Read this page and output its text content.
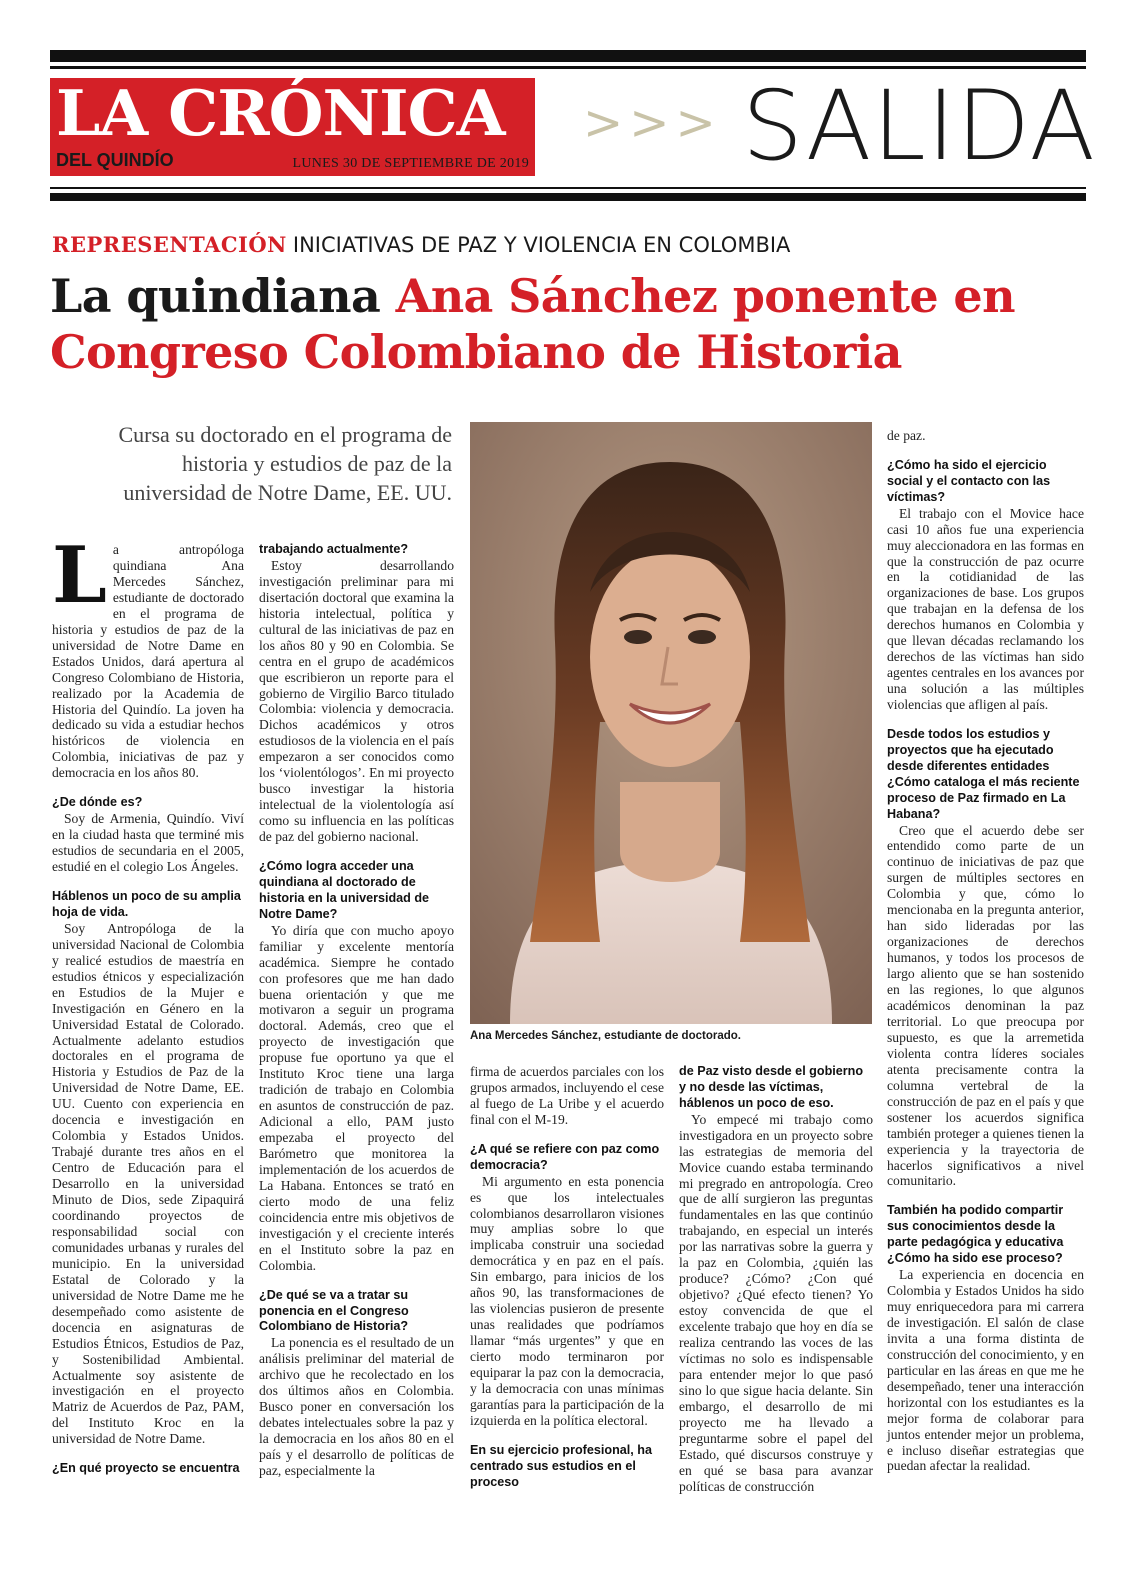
LA CRÓNICA
DEL QUINDÍO	LUNES 30 DE SEPTIEMBRE DE 2019
>>> SALIDA
REPRESENTACIÓN INICIATIVAS DE PAZ Y VIOLENCIA EN COLOMBIA
La quindiana Ana Sánchez ponente en Congreso Colombiano de Historia
Cursa su doctorado en el programa de historia y estudios de paz de la universidad de Notre Dame, EE. UU.
Ana Mercedes Sánchez, estudiante de doctorado.
L a antropóloga quindiana Ana Mercedes Sánchez, estudiante de doctorado en el programa de historia y estudios de paz de la universidad de Notre Dame en Estados Unidos, dará apertura al Congreso Colombiano de Historia, realizado por la Academia de Historia del Quindío. La joven ha dedicado su vida a estudiar hechos históricos de violencia en Colombia, iniciativas de paz y democracia en los años 80.

¿De dónde es?

Soy de Armenia, Quindío. Viví en la ciudad hasta que terminé mis estudios de secundaria en el 2005, estudié en el colegio Los Ángeles.

Háblenos un poco de su amplia hoja de vida.

Soy Antropóloga de la universidad Nacional de Colombia y realicé estudios de maestría en estudios étnicos y especialización en Estudios de la Mujer e Investigación en Género en la Universidad Estatal de Colorado. Actualmente adelanto estudios doctorales en el programa de Historia y Estudios de Paz de la Universidad de Notre Dame, EE. UU. Cuento con experiencia en docencia e investigación en Colombia y Estados Unidos. Trabajé durante tres años en el Centro de Educación para el Desarrollo en la universidad Minuto de Dios, sede Zipaquirá coordinando proyectos de responsabilidad social con comunidades urbanas y rurales del municipio. En la universidad Estatal de Colorado y la universidad de Notre Dame me he desempeñado como asistente de docencia en asignaturas de Estudios Étnicos, Estudios de Paz, y Sostenibilidad Ambiental. Actualmente soy asistente de investigación en el proyecto Matriz de Acuerdos de Paz, PAM, del Instituto Kroc en la universidad de Notre Dame.

¿En qué proyecto se encuentra
trabajando actualmente?

Estoy desarrollando investigación preliminar para mi disertación doctoral que examina la historia intelectual, política y cultural de las iniciativas de paz en los años 80 y 90 en Colombia. Se centra en el grupo de académicos que escribieron un reporte para el gobierno de Virgilio Barco titulado Colombia: violencia y democracia. Dichos académicos y otros estudiosos de la violencia en el país empezaron a ser conocidos como los ‘violentólogos’. En mi proyecto busco investigar la historia intelectual de la violentología así como su influencia en las políticas de paz del gobierno nacional.

¿Cómo logra acceder una quindiana al doctorado de historia en la universidad de Notre Dame?

Yo diría que con mucho apoyo familiar y excelente mentoría académica. Siempre he contado con profesores que me han dado buena orientación y que me motivaron a seguir un programa doctoral. Además, creo que el proyecto de investigación que propuse fue oportuno ya que el Instituto Kroc tiene una larga tradición de trabajo en Colombia en asuntos de construcción de paz. Adicional a ello, PAM justo empezaba el proyecto del Barómetro que monitorea la implementación de los acuerdos de La Habana. Entonces se trató en cierto modo de una feliz coincidencia entre mis objetivos de investigación y el creciente interés en el Instituto sobre la paz en Colombia.

¿De qué se va a tratar su ponencia en el Congreso Colombiano de Historia?

La ponencia es el resultado de un análisis preliminar del material de archivo que he recolectado en los dos últimos años en Colombia. Busco poner en conversación los debates intelectuales sobre la paz y la democracia en los años 80 en el país y el desarrollo de políticas de paz, especialmente la

firma de acuerdos parciales con los grupos armados, incluyendo el cese al fuego de La Uribe y el acuerdo final con el M-19.

¿A qué se refiere con paz como democracia?

Mi argumento en esta ponencia es que los intelectuales colombianos desarrollaron visiones muy amplias sobre lo que implicaba construir una sociedad democrática y en paz en el país. Sin embargo, para inicios de los años 90, las transformaciones de las violencias pusieron de presente unas realidades que podríamos llamar “más urgentes” y que en cierto modo terminaron por equiparar la paz con la democracia, y la democracia con unas mínimas garantías para la participación de la izquierda en la política electoral.

En su ejercicio profesional, ha centrado sus estudios en el proceso
de Paz visto desde el gobierno y no desde las víctimas, háblenos un poco de eso.

Yo empecé mi trabajo como investigadora en un proyecto sobre las estrategias de memoria del Movice cuando estaba terminando mi pregrado en antropología. Creo que de allí surgieron las preguntas fundamentales en las que continúo trabajando, en especial un interés por las narrativas sobre la guerra y la paz en Colombia, ¿quién las produce? ¿Cómo? ¿Con qué objetivo? ¿Qué efecto tienen? Yo estoy convencida de que el excelente trabajo que hoy en día se realiza centrando las voces de las víctimas no solo es indispensable para entender mejor lo que pasó sino lo que sigue hacia delante. Sin embargo, el desarrollo de mi proyecto me ha llevado a preguntarme sobre el papel del Estado, qué discursos construye y en qué se basa para avanzar políticas de construcción

de paz.

¿Cómo ha sido el ejercicio social y el contacto con las víctimas?

El trabajo con el Movice hace casi 10 años fue una experiencia muy aleccionadora en las formas en que la construcción de paz ocurre en la cotidianidad de las organizaciones de base. Los grupos que trabajan en la defensa de los derechos humanos en Colombia y que llevan décadas reclamando los derechos de las víctimas han sido agentes centrales en los avances por una solución a las múltiples violencias que afligen al país.

Desde todos los estudios y proyectos que ha ejecutado desde diferentes entidades ¿Cómo cataloga el más reciente proceso de Paz firmado en La Habana?

Creo que el acuerdo debe ser entendido como parte de un continuo de iniciativas de paz que surgen de múltiples sectores en Colombia y que, cómo lo mencionaba en la pregunta anterior, han sido lideradas por las organizaciones de derechos humanos, y todos los procesos de largo aliento que se han sostenido en las regiones, lo que algunos académicos denominan la paz territorial. Lo que preocupa por supuesto, es que la arremetida violenta contra líderes sociales atenta precisamente contra la columna vertebral de la construcción de paz en el país y que sostener los acuerdos significa también proteger a quienes tienen la experiencia y la trayectoria de hacerlos significativos a nivel comunitario.

También ha podido compartir sus conocimientos desde la parte pedagógica y educativa ¿Cómo ha sido ese proceso?

La experiencia en docencia en Colombia y Estados Unidos ha sido muy enriquecedora para mi carrera de investigación. El salón de clase invita a una forma distinta de construcción del conocimiento, y en particular en las áreas en que me he desempeñado, tener una interacción horizontal con los estudiantes es la mejor forma de colaborar para juntos entender mejor un problema, e incluso diseñar estrategias que puedan afectar la realidad.
